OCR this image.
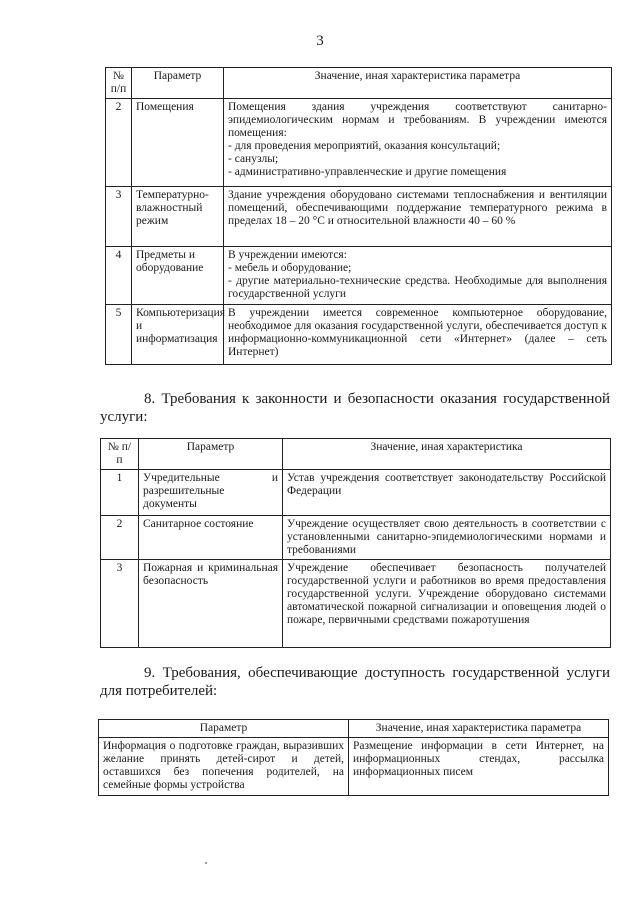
3
№ п/п	Параметр	Значение, иная характеристика параметра
2	Помещения	Помещения здания учреждения соответствуют санитарно-эпидемиологическим нормам и требованиям. В учреждении имеются помещения:
- для проведения мероприятий, оказания консультаций;
- санузлы;
- административно-управленческие и другие помещения

3	Температурно-влажностный режим	Здание учреждения оборудовано системами теплоснабжения и вентиляции помещений, обеспечивающими поддержание температурного режима в пределах 18 – 20 °С и относительной влажности 40 – 60 %

4	Предметы и оборудование	В учреждении имеются:
- мебель и оборудование;
- другие материально-технические средства. Необходимые для выполнения государственной услуги

5	Компьютеризация и информатизация	В учреждении имеется современное компьютерное оборудование, необходимое для оказания государственной услуги, обеспечивается доступ к информационно-коммуникационной сети «Интернет» (далее – сеть Интернет)
8. Требования к законности и безопасности оказания государственной услуги:
№ п/п	Параметр	Значение, иная характеристика
1	Учредительные и разрешительные документы	Устав учреждения соответствует законодательству Российской Федерации
2	Санитарное состояние	Учреждение осуществляет свою деятельность в соответствии с установленными санитарно-эпидемиологическими нормами и требованиями
3	Пожарная и криминальная безопасность	Учреждение обеспечивает безопасность получателей государственной услуги и работников во время предоставления государственной услуги. Учреждение оборудовано системами автоматической пожарной сигнализации и оповещения людей о пожаре, первичными средствами пожаротушения
9. Требования, обеспечивающие доступность государственной услуги для потребителей:
Параметр	Значение, иная характеристика параметра
Информация о подготовке граждан, выразивших желание принять детей-сирот и детей, оставшихся без попечения родителей, на семейные формы устройства	Размещение информации в сети Интернет, на информационных стендах, рассылка информационных писем
